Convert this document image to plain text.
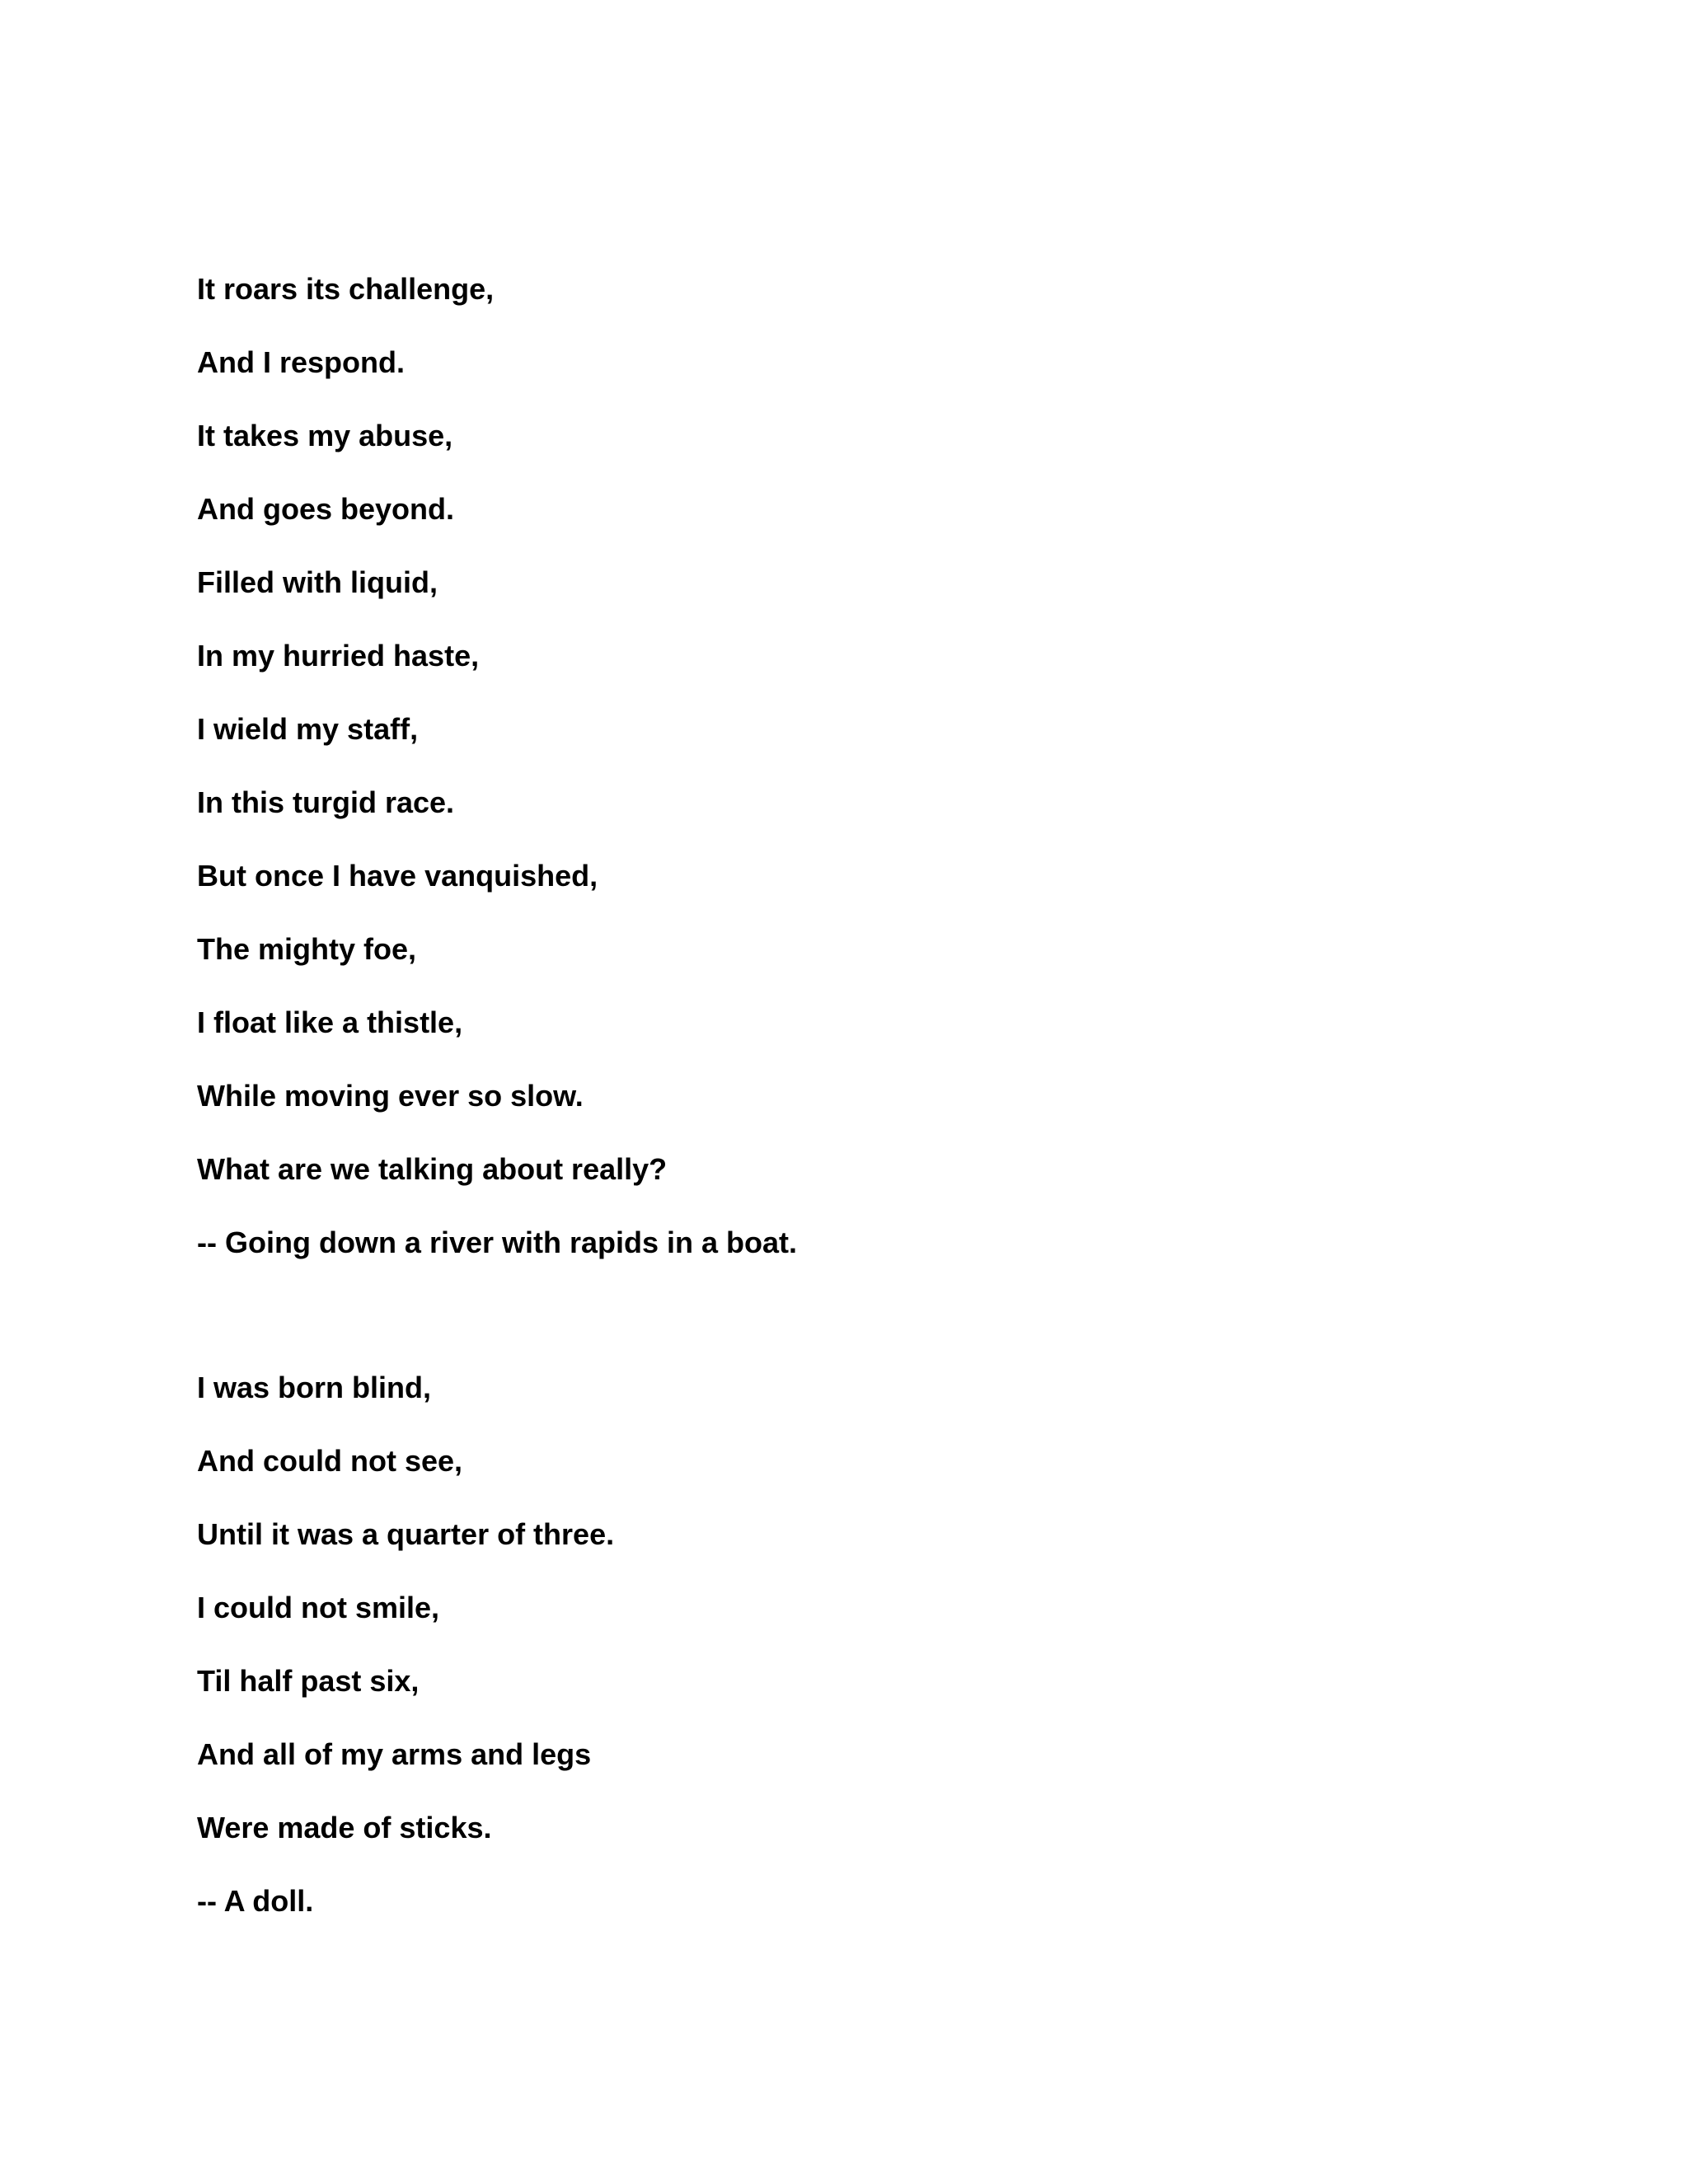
It roars its challenge,
And I respond.
It takes my abuse,
And goes beyond.
Filled with liquid,
In my hurried haste,
I wield my staff,
In this turgid race.
But once I have vanquished,
The mighty foe,
I float like a thistle,
While moving ever so slow.
What are we talking about really?
-- Going down a river with rapids in a boat.
I was born blind,
And could not see,
Until it was a quarter of three.
I could not smile,
Til half past six,
And all of my arms and legs
Were made of sticks.
-- A doll.
